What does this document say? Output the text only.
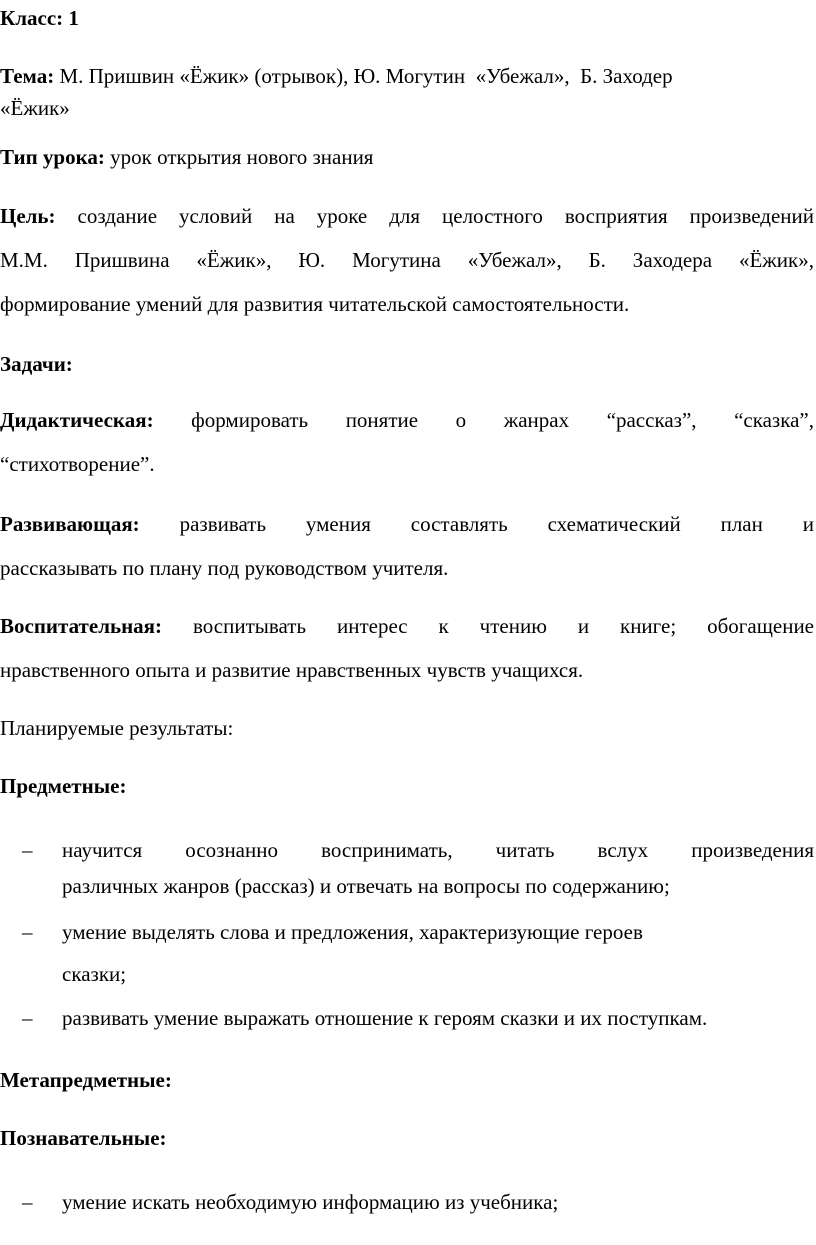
Класс: 1
Тема: М. Пришвин «Ёжик» (отрывок), Ю. Могутин  «Убежал»,  Б. Заходер
«Ёжик»
Тип урока: урок открытия нового знания
Цель: создание условий на уроке для целостного восприятия произведений
М.М. Пришвина «Ёжик», Ю. Могутина «Убежал», Б. Заходера «Ёжик»,
формирование умений для развития читательской самостоятельности.
Задачи:
Дидактическая: формировать понятие о жанрах “рассказ”, “сказка”,
“стихотворение”.
Развивающая: развивать умения составлять схематический план и
рассказывать по плану под руководством учителя.
Воспитательная: воспитывать интерес к чтению и книге; обогащение
нравственного опыта и развитие нравственных чувств учащихся.
Планируемые результаты:
Предметные:
– научится осознанно воспринимать, читать вслух произведения
различных жанров (рассказ) и отвечать на вопросы по содержанию;
– умение выделять слова и предложения, характеризующие героев
сказки;
– развивать умение выражать отношение к героям сказки и их поступкам.
Метапредметные:
Познавательные:
– умение искать необходимую информацию из учебника;
